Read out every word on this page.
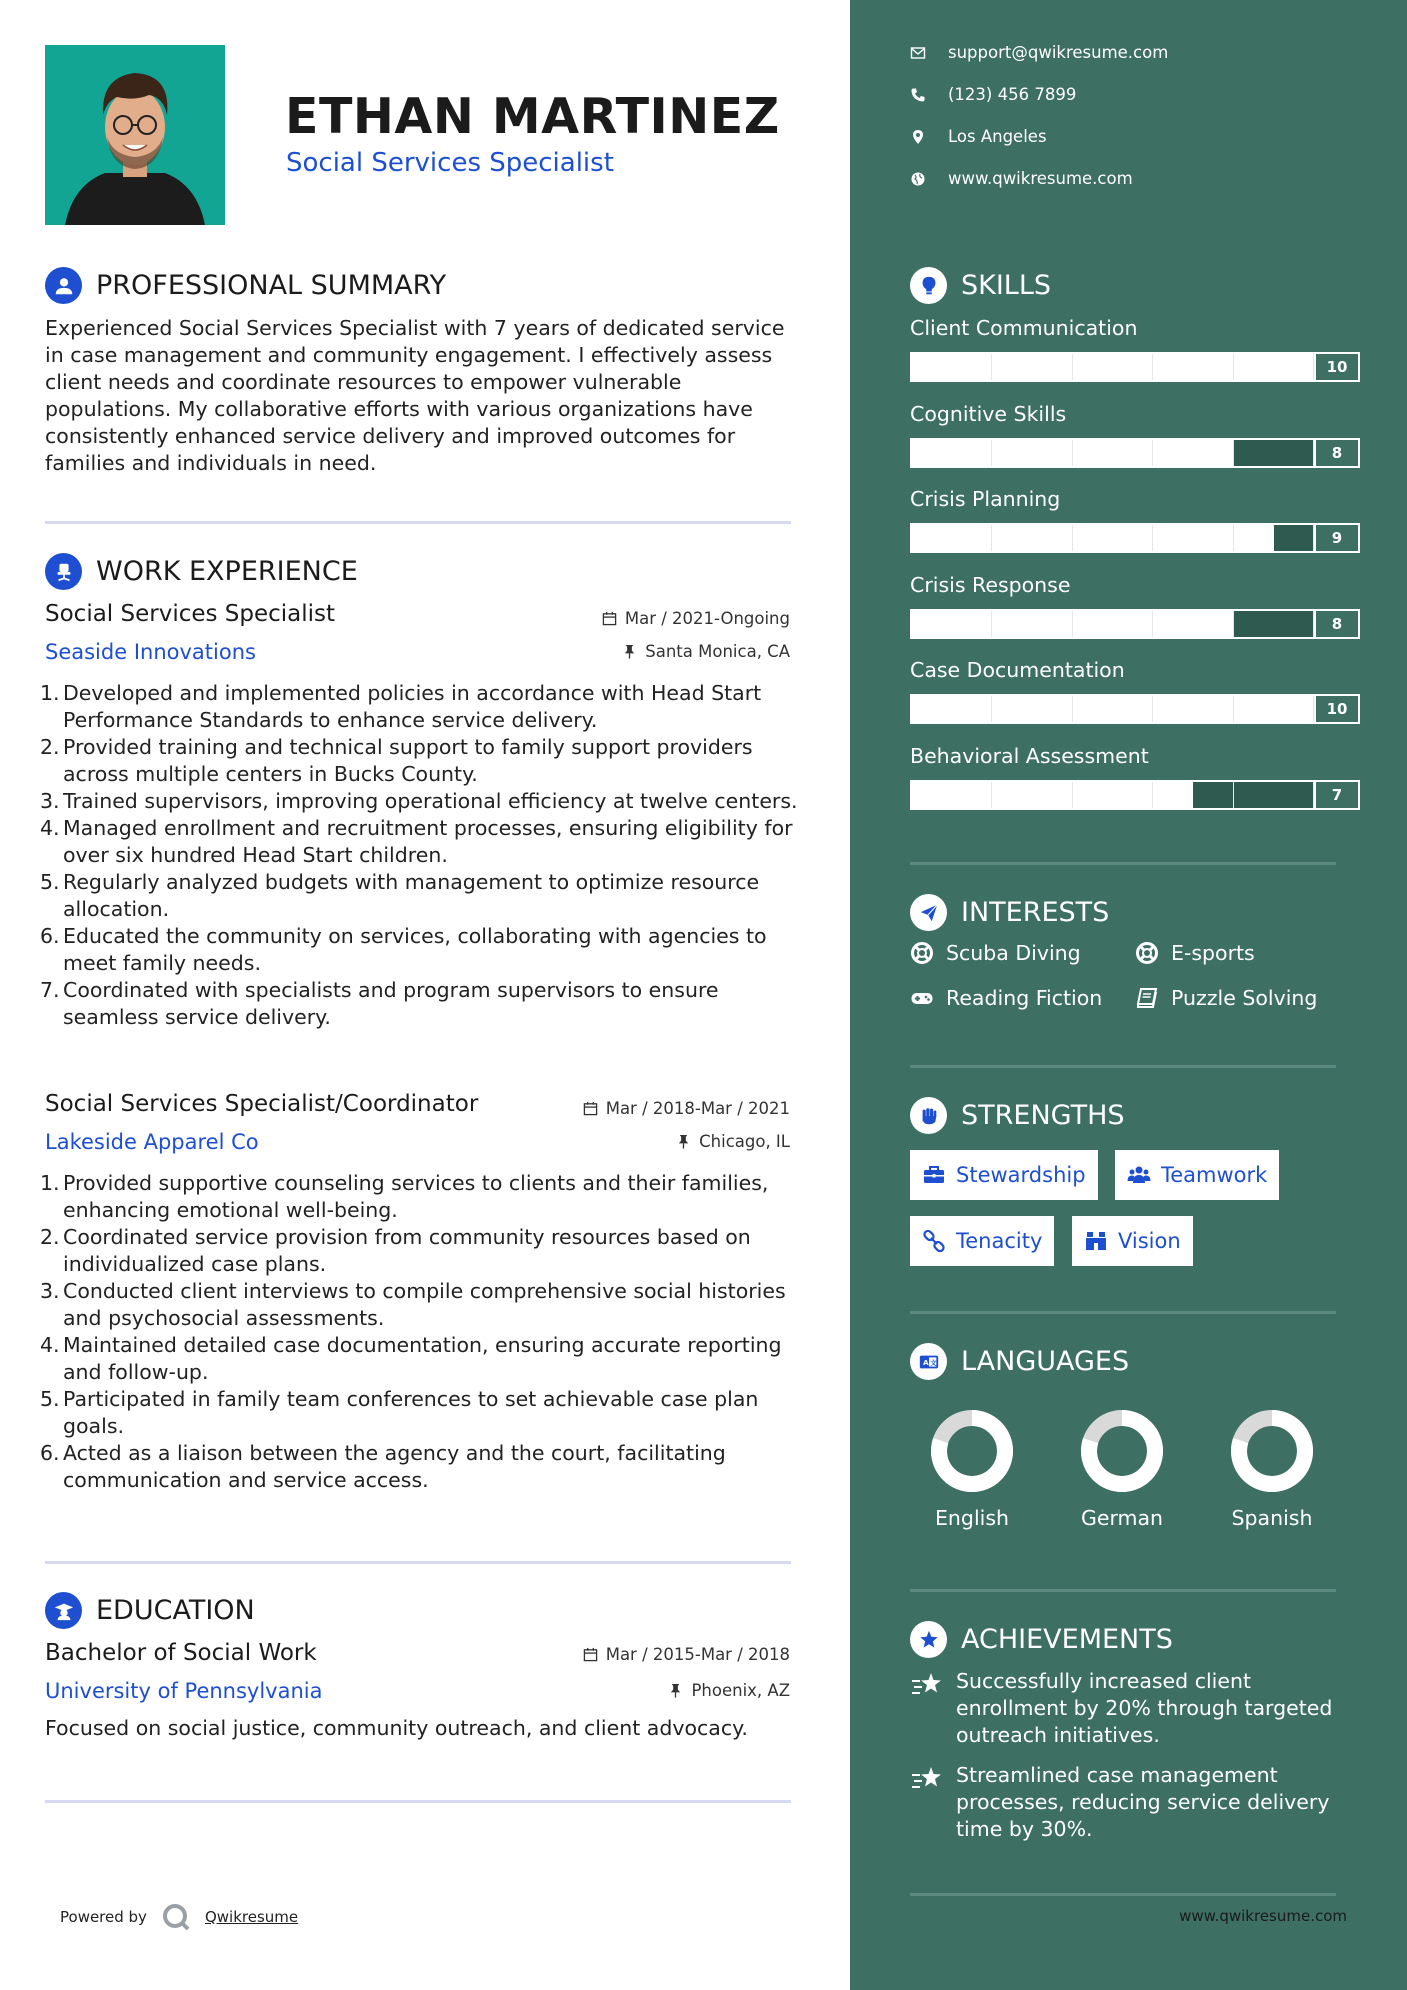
ETHAN MARTINEZ
Social Services Specialist
PROFESSIONAL SUMMARY
Experienced Social Services Specialist with 7 years of dedicated service in case management and community engagement. I effectively assess client needs and coordinate resources to empower vulnerable populations. My collaborative efforts with various organizations have consistently enhanced service delivery and improved outcomes for families and individuals in need.
WORK EXPERIENCE
Social Services Specialist	Mar / 2021-Ongoing
Seaside Innovations	Santa Monica, CA
1. Developed and implemented policies in accordance with Head Start Performance Standards to enhance service delivery.
2. Provided training and technical support to family support providers across multiple centers in Bucks County.
3. Trained supervisors, improving operational efficiency at twelve centers.
4. Managed enrollment and recruitment processes, ensuring eligibility for over six hundred Head Start children.
5. Regularly analyzed budgets with management to optimize resource allocation.
6. Educated the community on services, collaborating with agencies to meet family needs.
7. Coordinated with specialists and program supervisors to ensure seamless service delivery.
Social Services Specialist/Coordinator	Mar / 2018-Mar / 2021
Lakeside Apparel Co	Chicago, IL
1. Provided supportive counseling services to clients and their families, enhancing emotional well-being.
2. Coordinated service provision from community resources based on individualized case plans.
3. Conducted client interviews to compile comprehensive social histories and psychosocial assessments.
4. Maintained detailed case documentation, ensuring accurate reporting and follow-up.
5. Participated in family team conferences to set achievable case plan goals.
6. Acted as a liaison between the agency and the court, facilitating communication and service access.
EDUCATION
Bachelor of Social Work	Mar / 2015-Mar / 2018
University of Pennsylvania	Phoenix, AZ
Focused on social justice, community outreach, and client advocacy.
Powered by	Qwikresume
support@qwikresume.com
(123) 456 7899
Los Angeles
www.qwikresume.com
SKILLS
Client Communication
10
Cognitive Skills
8
Crisis Planning
9
Crisis Response
8
Case Documentation
10
Behavioral Assessment
7
INTERESTS
Scuba Diving	E-sports
Reading Fiction	Puzzle Solving
STRENGTHS
Stewardship	Teamwork
Tenacity	Vision
A 文 LANGUAGES
English	German	Spanish
ACHIEVEMENTS
Successfully increased client enrollment by 20% through targeted outreach initiatives.
Streamlined case management processes, reducing service delivery time by 30%.
www.qwikresume.com
